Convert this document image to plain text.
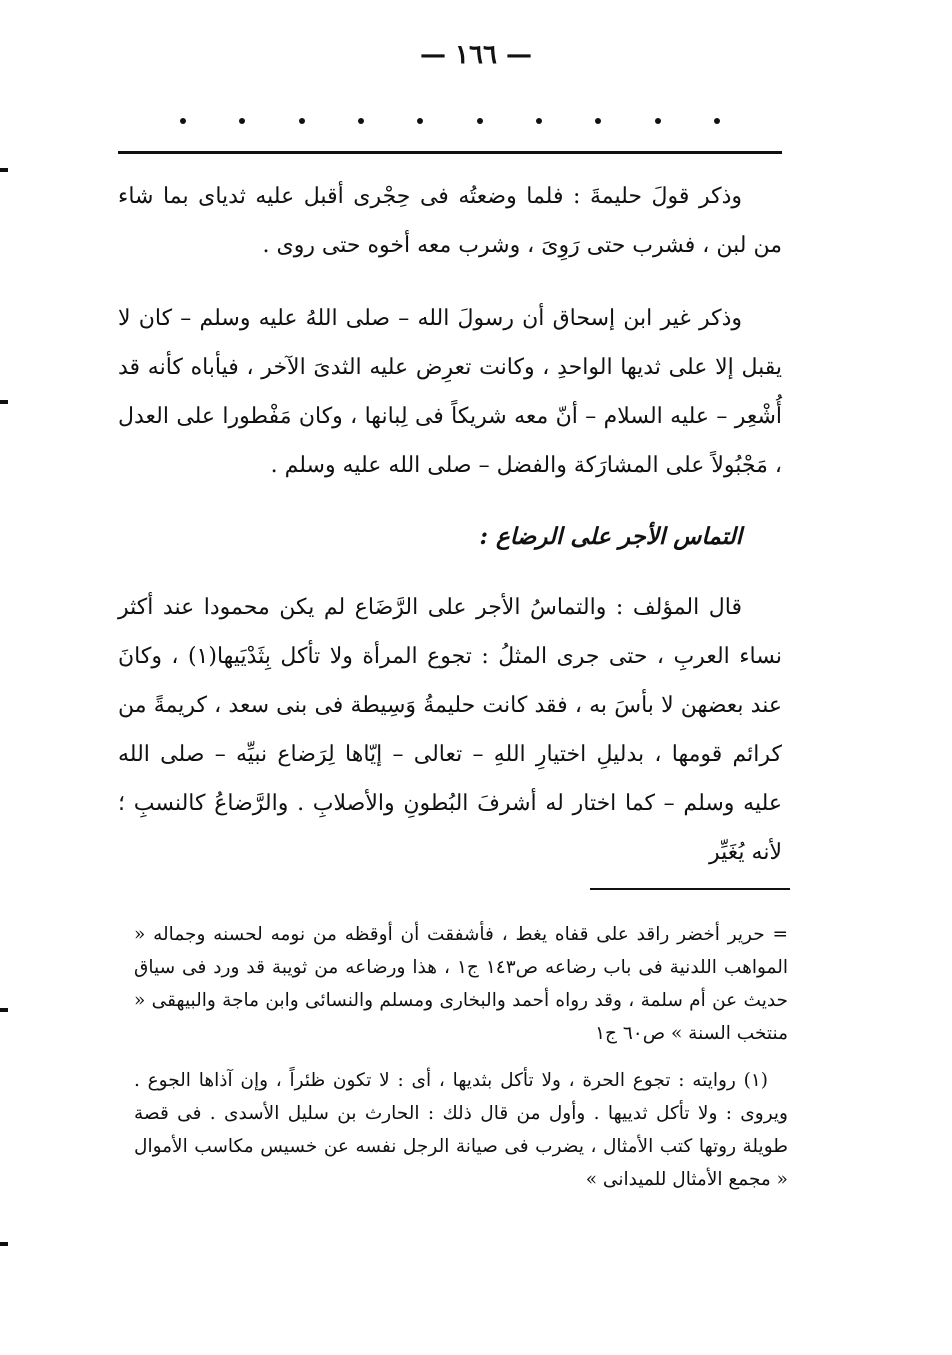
— ١٦٦ —

وذكر قولَ حليمةَ : فلما وضعتُه فى حِجْرى أقبل عليه ثدياى بما شاء من لبن ، فشرب حتى رَوِىَ ، وشرب معه أخوه حتى روى .

وذكر غير ابن إسحاق أن رسولَ الله – صلى اللهُ عليه وسلم – كان لا يقبل إلا على ثديها الواحدِ ، وكانت تعرِض عليه الثدىَ الآخر ، فيأباه كأنه قد أُشْعِر – عليه السلام – أنّ معه شريكاً فى لِبانها ، وكان مَفْطورا على العدل ، مَجْبُولاً على المشارَكة والفضل – صلى الله عليه وسلم .

التماس الأجر على الرضاع :

قال المؤلف : والتماسُ الأجر على الرَّضَاع لم يكن محمودا عند أكثر نساء العربِ ، حتى جرى المثلُ : تجوع المرأة ولا تأكل بِثَدْيَيها(١) ، وكانَ عند بعضهن لا بأسَ به ، فقد كانت حليمةُ وَسِيطة فى بنى سعد ، كريمةً من كرائم قومها ، بدليلِ اختيارِ اللهِ – تعالى – إيّاها لِرَضاع نبيِّه – صلى الله عليه وسلم – كما اختار له أشرفَ البُطونِ والأصلابِ . والرَّضاعُ كالنسبِ ؛ لأنه يُغَيِّر

= حرير أخضر راقد على قفاه يغط ، فأشفقت أن أوقظه من نومه لحسنه وجماله « المواهب اللدنية فى باب رضاعه ص١٤٣ ج١ ، هذا ورضاعه من ثويبة قد ورد فى سياق حديث عن أم سلمة ، وقد رواه أحمد والبخارى ومسلم والنسائى وابن ماجة والبيهقى « منتخب السنة » ص٦٠ ج١

(١) روايته : تجوع الحرة ، ولا تأكل بثديها ، أى : لا تكون ظئراً ، وإن آذاها الجوع . ويروى : ولا تأكل ثدييها . وأول من قال ذلك : الحارث بن سليل الأسدى . فى قصة طويلة روتها كتب الأمثال ، يضرب فى صيانة الرجل نفسه عن خسيس مكاسب الأموال « مجمع الأمثال للميدانى »
